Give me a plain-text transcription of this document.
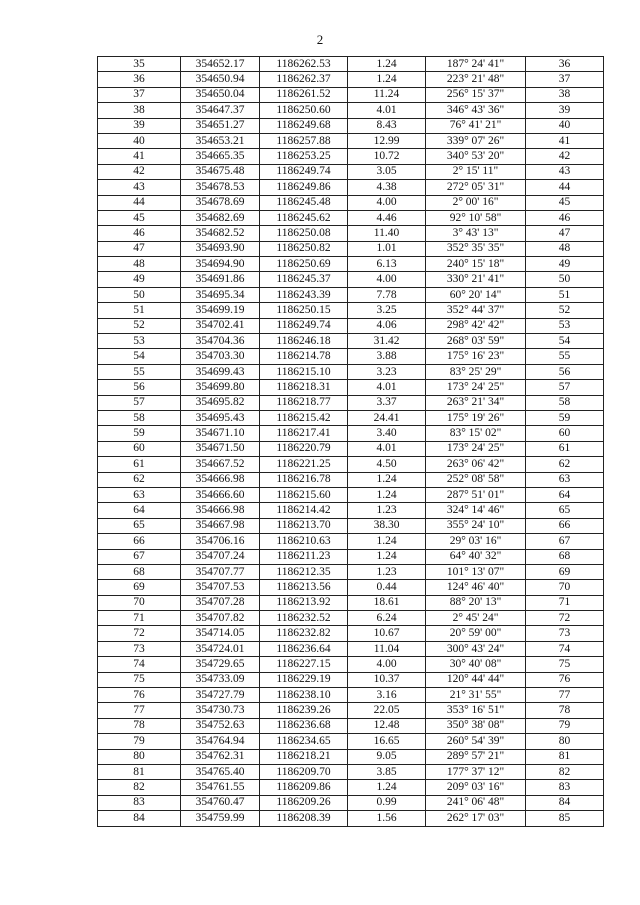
2
35	354652.17	1186262.53	1.24	187° 24' 41"	36
36	354650.94	1186262.37	1.24	223° 21' 48"	37
37	354650.04	1186261.52	11.24	256° 15' 37"	38
38	354647.37	1186250.60	4.01	346° 43' 36"	39
39	354651.27	1186249.68	8.43	76° 41' 21"	40
40	354653.21	1186257.88	12.99	339° 07' 26"	41
41	354665.35	1186253.25	10.72	340° 53' 20"	42
42	354675.48	1186249.74	3.05	2° 15' 11"	43
43	354678.53	1186249.86	4.38	272° 05' 31"	44
44	354678.69	1186245.48	4.00	2° 00' 16"	45
45	354682.69	1186245.62	4.46	92° 10' 58"	46
46	354682.52	1186250.08	11.40	3° 43' 13"	47
47	354693.90	1186250.82	1.01	352° 35' 35"	48
48	354694.90	1186250.69	6.13	240° 15' 18"	49
49	354691.86	1186245.37	4.00	330° 21' 41"	50
50	354695.34	1186243.39	7.78	60° 20' 14"	51
51	354699.19	1186250.15	3.25	352° 44' 37"	52
52	354702.41	1186249.74	4.06	298° 42' 42"	53
53	354704.36	1186246.18	31.42	268° 03' 59"	54
54	354703.30	1186214.78	3.88	175° 16' 23"	55
55	354699.43	1186215.10	3.23	83° 25' 29"	56
56	354699.80	1186218.31	4.01	173° 24' 25"	57
57	354695.82	1186218.77	3.37	263° 21' 34"	58
58	354695.43	1186215.42	24.41	175° 19' 26"	59
59	354671.10	1186217.41	3.40	83° 15' 02"	60
60	354671.50	1186220.79	4.01	173° 24' 25"	61
61	354667.52	1186221.25	4.50	263° 06' 42"	62
62	354666.98	1186216.78	1.24	252° 08' 58"	63
63	354666.60	1186215.60	1.24	287° 51' 01"	64
64	354666.98	1186214.42	1.23	324° 14' 46"	65
65	354667.98	1186213.70	38.30	355° 24' 10"	66
66	354706.16	1186210.63	1.24	29° 03' 16"	67
67	354707.24	1186211.23	1.24	64° 40' 32"	68
68	354707.77	1186212.35	1.23	101° 13' 07"	69
69	354707.53	1186213.56	0.44	124° 46' 40"	70
70	354707.28	1186213.92	18.61	88° 20' 13"	71
71	354707.82	1186232.52	6.24	2° 45' 24"	72
72	354714.05	1186232.82	10.67	20° 59' 00"	73
73	354724.01	1186236.64	11.04	300° 43' 24"	74
74	354729.65	1186227.15	4.00	30° 40' 08"	75
75	354733.09	1186229.19	10.37	120° 44' 44"	76
76	354727.79	1186238.10	3.16	21° 31' 55"	77
77	354730.73	1186239.26	22.05	353° 16' 51"	78
78	354752.63	1186236.68	12.48	350° 38' 08"	79
79	354764.94	1186234.65	16.65	260° 54' 39"	80
80	354762.31	1186218.21	9.05	289° 57' 21"	81
81	354765.40	1186209.70	3.85	177° 37' 12"	82
82	354761.55	1186209.86	1.24	209° 03' 16"	83
83	354760.47	1186209.26	0.99	241° 06' 48"	84
84	354759.99	1186208.39	1.56	262° 17' 03"	85
